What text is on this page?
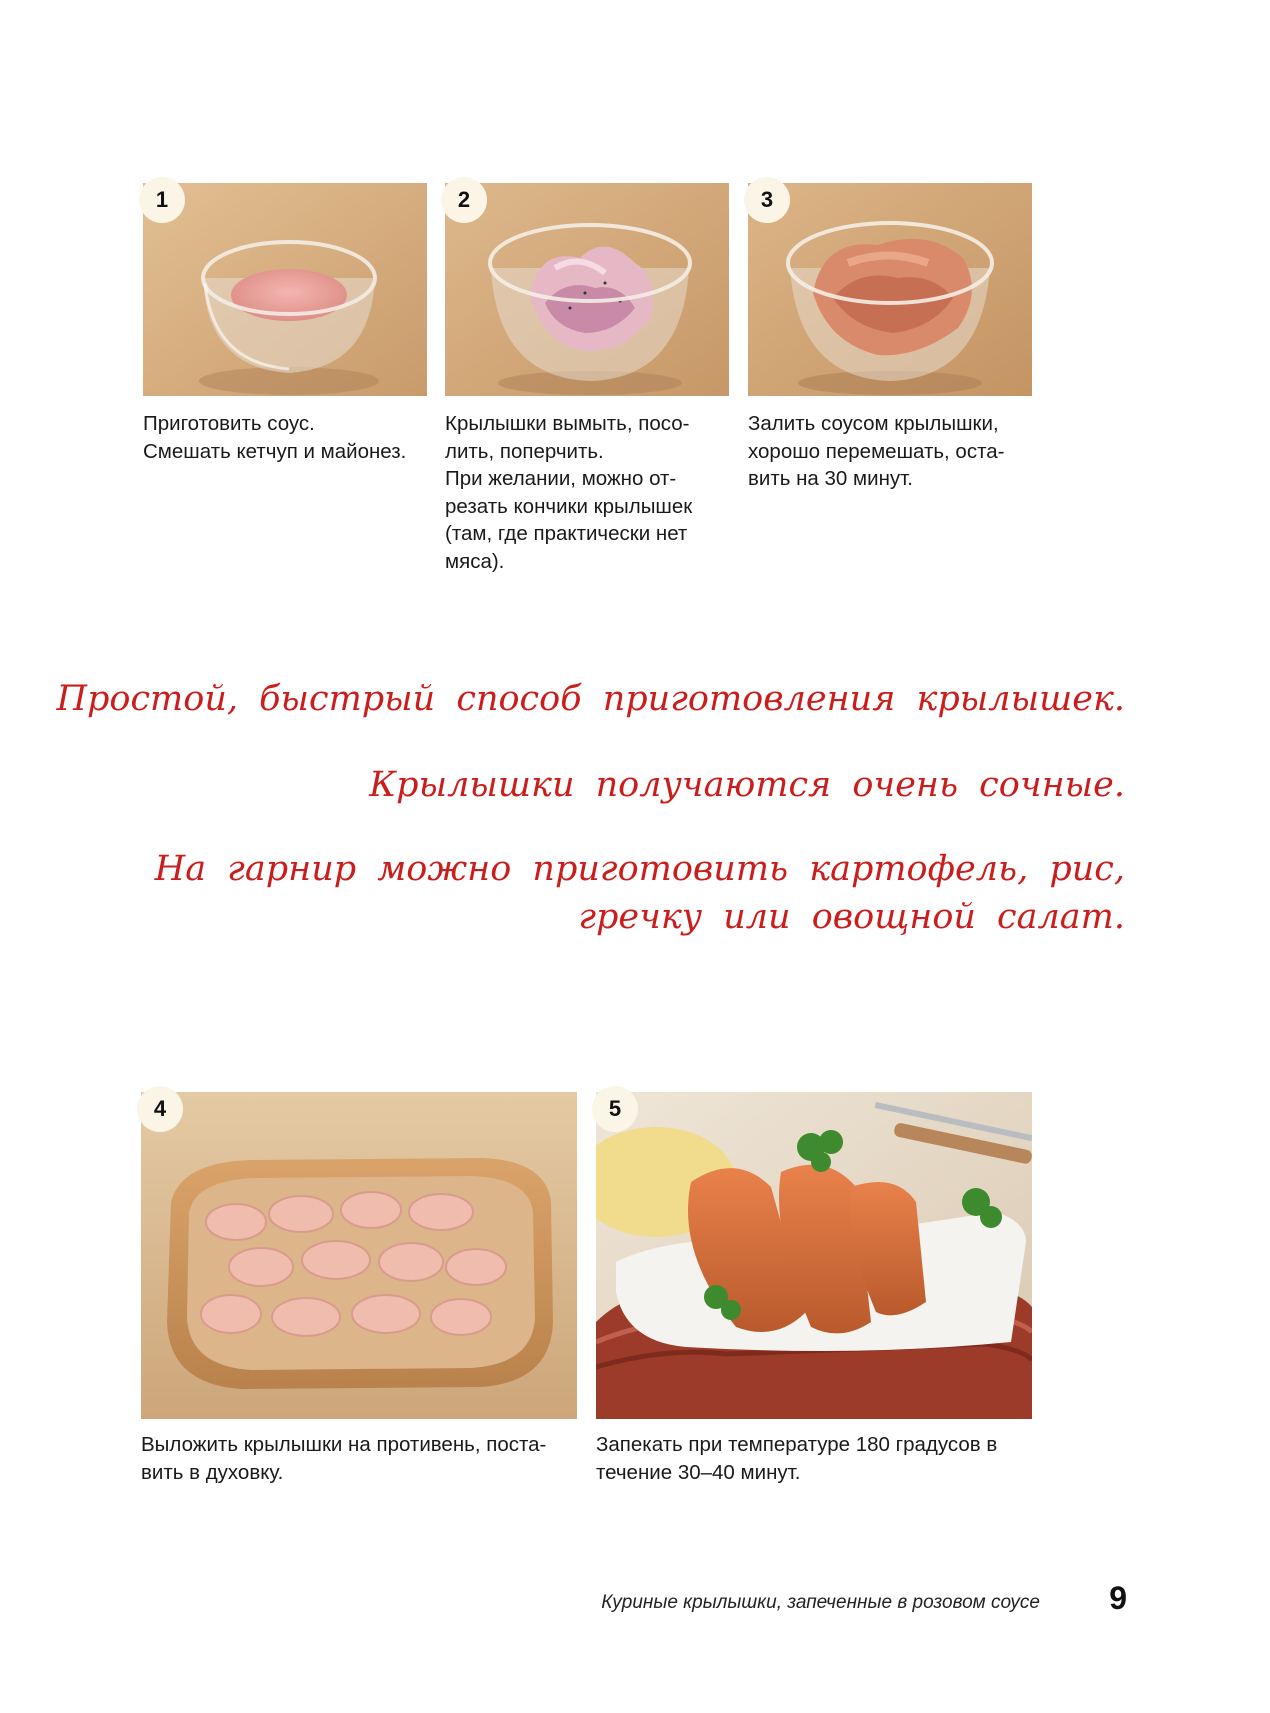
1
Приготовить соус.
Смешать кетчуп и майонез.
2
Крылышки вымыть, посо-
лить, поперчить.
При желании, можно от-
резать кончики крылышек
(там, где практически нет
мяса).
3
Залить соусом крылышки,
хорошо перемешать, оста-
вить на 30 минут.
Простой, быстрый способ приготовления крылышек.
Крылышки получаются очень сочные.
На гарнир можно приготовить картофель, рис,
гречку или овощной салат.
4
Выложить крылышки на противень, поста-
вить в духовку.
5
Запекать при температуре 180 градусов в
течение 30–40 минут.
Куриные крылышки, запеченные в розовом соусе 9
